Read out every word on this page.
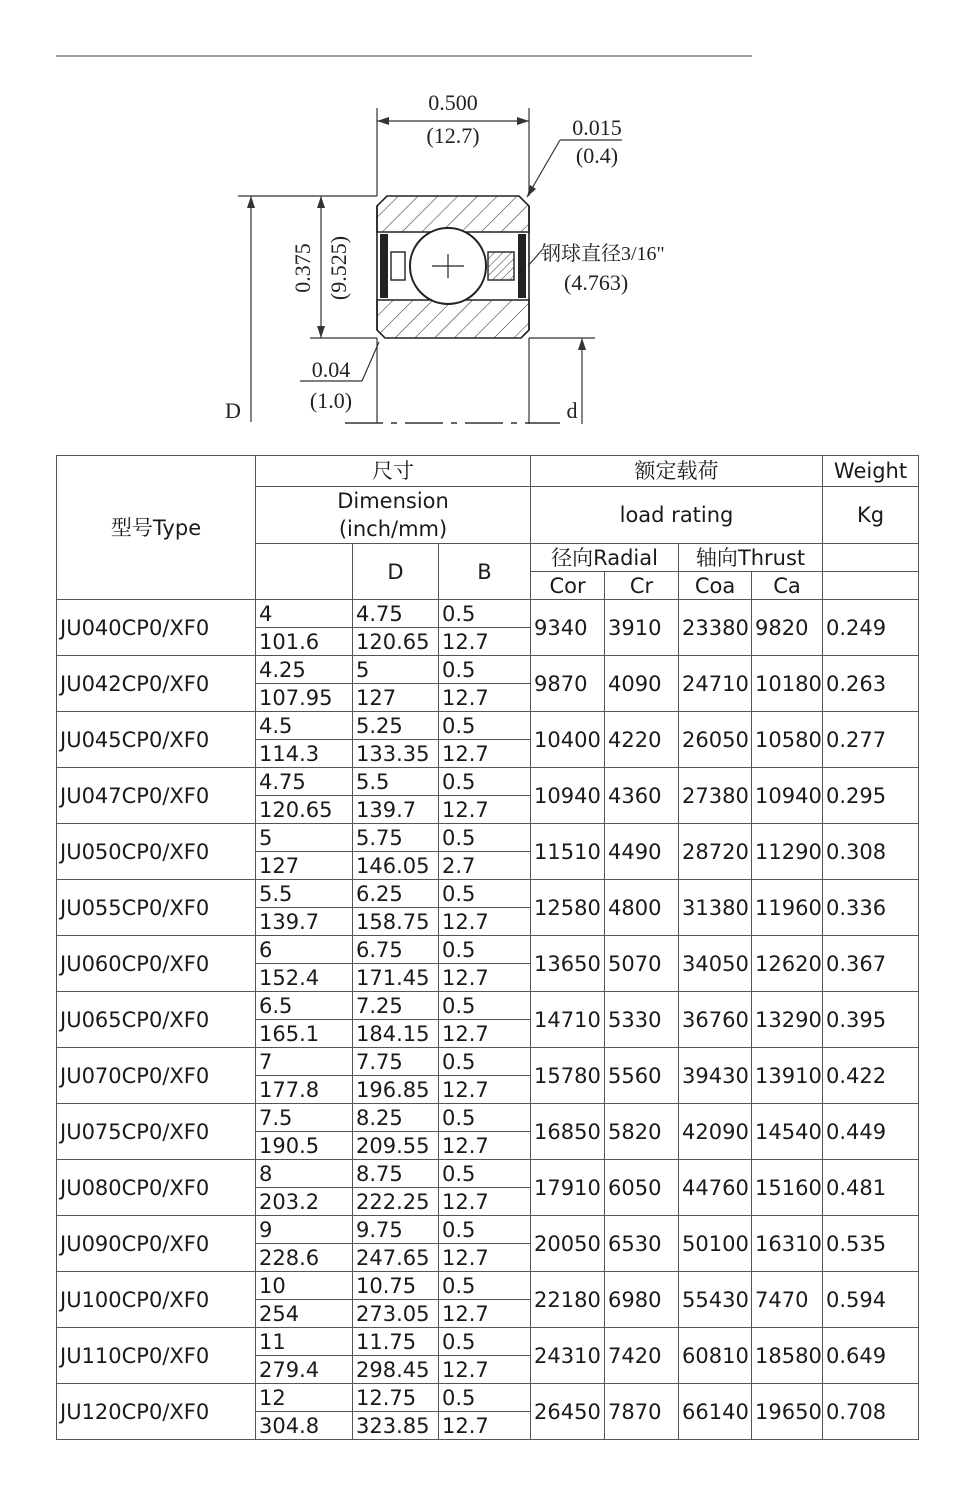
0.500
(12.7)	0.015
(0.4)
D
0.375 (9.525)	钢球直径3/16"
(4.763)
0.04
(1.0)	d
型号Type	尺寸			额定载荷				Weight

	Dimension
(inch/mm)			load rating				Kg
		D	B	径向Radial		轴向Thrust		
				Cor	Cr	Coa	Ca	
JU040CP0/XF0	4	4.75	0.5	9340	3910	23380	9820	0.249
	101.6	120.65	12.7					
JU042CP0/XF0	4.25	5	0.5	9870	4090	24710	10180	0.263
	107.95	127	12.7					
JU045CP0/XF0	4.5	5.25	0.5	10400	4220	26050	10580	0.277
	114.3	133.35	12.7					
JU047CP0/XF0	4.75	5.5	0.5	10940	4360	27380	10940	0.295
	120.65	139.7	12.7					
JU050CP0/XF0	5	5.75	0.5	11510	4490	28720	11290	0.308
	127	146.05	2.7					
JU055CP0/XF0	5.5	6.25	0.5	12580	4800	31380	11960	0.336
	139.7	158.75	12.7					
JU060CP0/XF0	6	6.75	0.5	13650	5070	34050	12620	0.367
	152.4	171.45	12.7					
JU065CP0/XF0	6.5	7.25	0.5	14710	5330	36760	13290	0.395
	165.1	184.15	12.7					
JU070CP0/XF0	7	7.75	0.5	15780	5560	39430	13910	0.422
	177.8	196.85	12.7					
JU075CP0/XF0	7.5	8.25	0.5	16850	5820	42090	14540	0.449
	190.5	209.55	12.7					
JU080CP0/XF0	8	8.75	0.5	17910	6050	44760	15160	0.481
	203.2	222.25	12.7					
JU090CP0/XF0	9	9.75	0.5	20050	6530	50100	16310	0.535
	228.6	247.65	12.7					
JU100CP0/XF0	10	10.75	0.5	22180	6980	55430	7470	0.594
	254	273.05	12.7					
JU110CP0/XF0	11	11.75	0.5	24310	7420	60810	18580	0.649
	279.4	298.45	12.7					
JU120CP0/XF0	12	12.75	0.5	26450	7870	66140	19650	0.708
	304.8	323.85	12.7					
